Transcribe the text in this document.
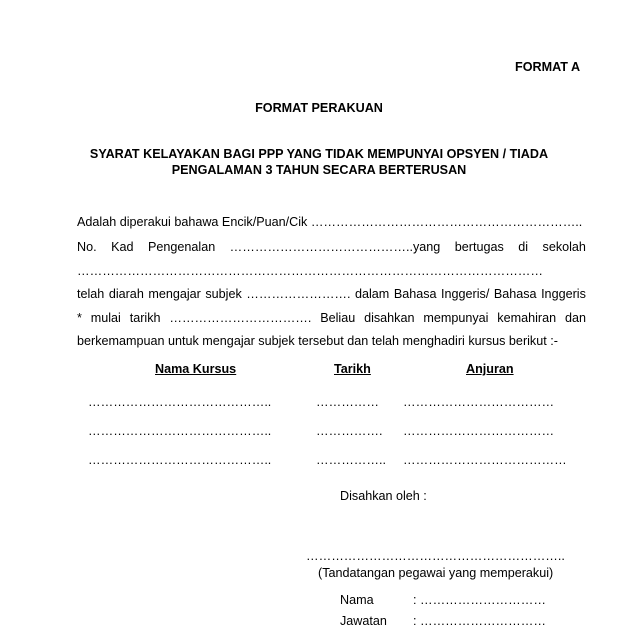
FORMAT A
FORMAT PERAKUAN
SYARAT KELAYAKAN BAGI PPP YANG TIDAK MEMPUNYAI OPSYEN / TIADA
PENGALAMAN 3 TAHUN SECARA BERTERUSAN
Adalah diperakui bahawa Encik/Puan/Cik ………………………………………………………..
No. Kad Pengenalan ……………………………………..yang bertugas di sekolah
…………………………………………………………………………………………………
telah diarah mengajar subjek ……………………. dalam Bahasa Inggeris/ Bahasa Inggeris
* mulai tarikh ……………………………. Beliau disahkan mempunyai kemahiran dan
berkemampuan untuk mengajar subjek tersebut dan telah menghadiri kursus berikut :-
Nama Kursus	Tarikh	Anjuran
……………………………………..	…………… ………………………………
……………………………………..	……………. ………………………………
……………………………………..	…………….. …………………………………
Disahkan oleh :
……………………………………………………..
(Tandatangan pegawai yang memperakui)
Nama	: …………………………
Jawatan : …………………………
